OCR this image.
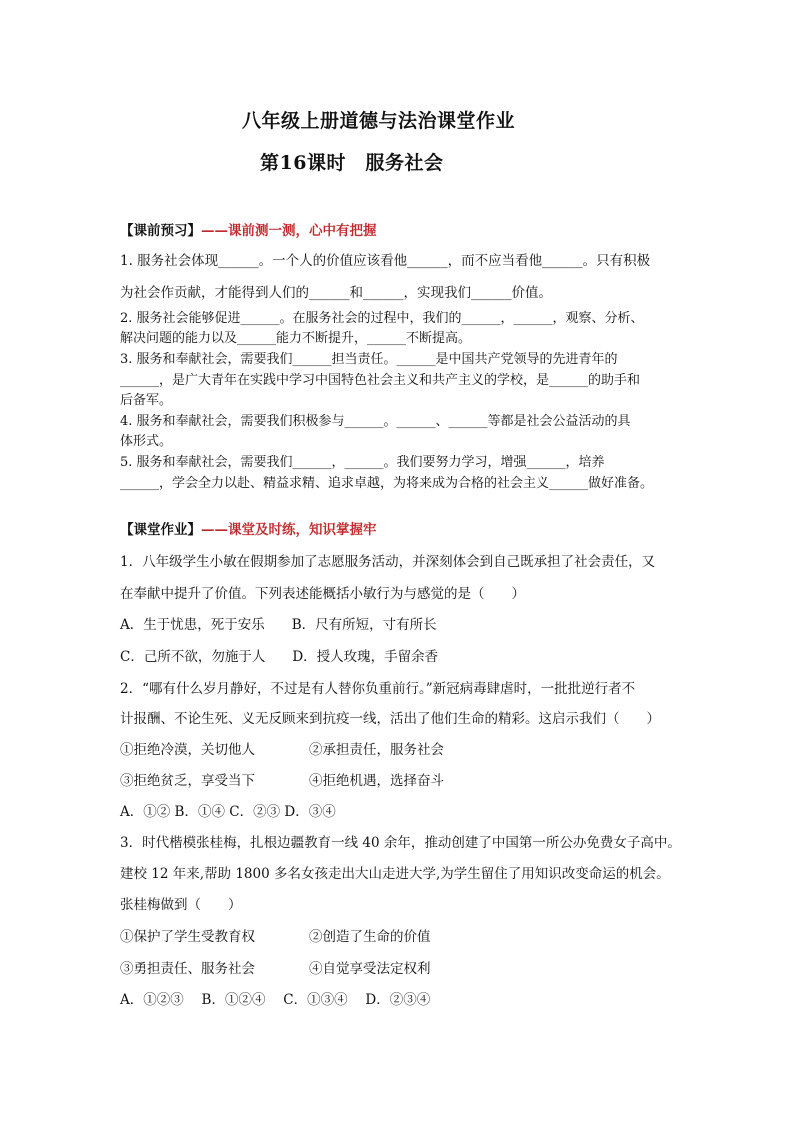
八年级上册道德与法治课堂作业
第16课时　服务社会
【课前预习】——课前测一测，心中有把握
1. 服务社会体现______。一个人的价值应该看他______，而不应当看他______。只有积极
为社会作贡献，才能得到人们的______和______，实现我们______价值。
2. 服务社会能够促进______。在服务社会的过程中，我们的______，______，观察、分析、
解决问题的能力以及______能力不断提升，______不断提高。
3. 服务和奉献社会，需要我们______担当责任。______是中国共产党领导的先进青年的
______，是广大青年在实践中学习中国特色社会主义和共产主义的学校，是______的助手和
后备军。
4. 服务和奉献社会，需要我们积极参与______。______、______等都是社会公益活动的具
体形式。
5. 服务和奉献社会，需要我们______，______。我们要努力学习，增强______，培养
______，学会全力以赴、精益求精、追求卓越，为将来成为合格的社会主义______做好准备。
【课堂作业】——课堂及时练，知识掌握牢
1．八年级学生小敏在假期参加了志愿服务活动，并深刻体会到自己既承担了社会责任，又
在奉献中提升了价值。下列表述能概括小敏行为与感觉的是（　　）
A．生于忧患，死于安乐　　B．尺有所短，寸有所长
C．己所不欲，勿施于人　　D．授人玫瑰，手留余香
2．“哪有什么岁月静好，不过是有人替你负重前行。”新冠病毒肆虐时，一批批逆行者不
计报酬、不论生死、义无反顾来到抗疫一线，活出了他们生命的精彩。这启示我们（　　）
①拒绝冷漠，关切他人　　　　②承担责任，服务社会
③拒绝贫乏，享受当下　　　　④拒绝机遇，选择奋斗
A．①② B．①④ C．②③ D．③④
3．时代楷模张桂梅，扎根边疆教育一线 40 余年，推动创建了中国第一所公办免费女子高中。
建校 12 年来,帮助 1800 多名女孩走出大山走进大学,为学生留住了用知识改变命运的机会。
张桂梅做到（　　）
①保护了学生受教育权　　　　②创造了生命的价值
③勇担责任、服务社会　　　　④自觉享受法定权利
A．①②③　 B．①②④　 C．①③④　 D．②③④
